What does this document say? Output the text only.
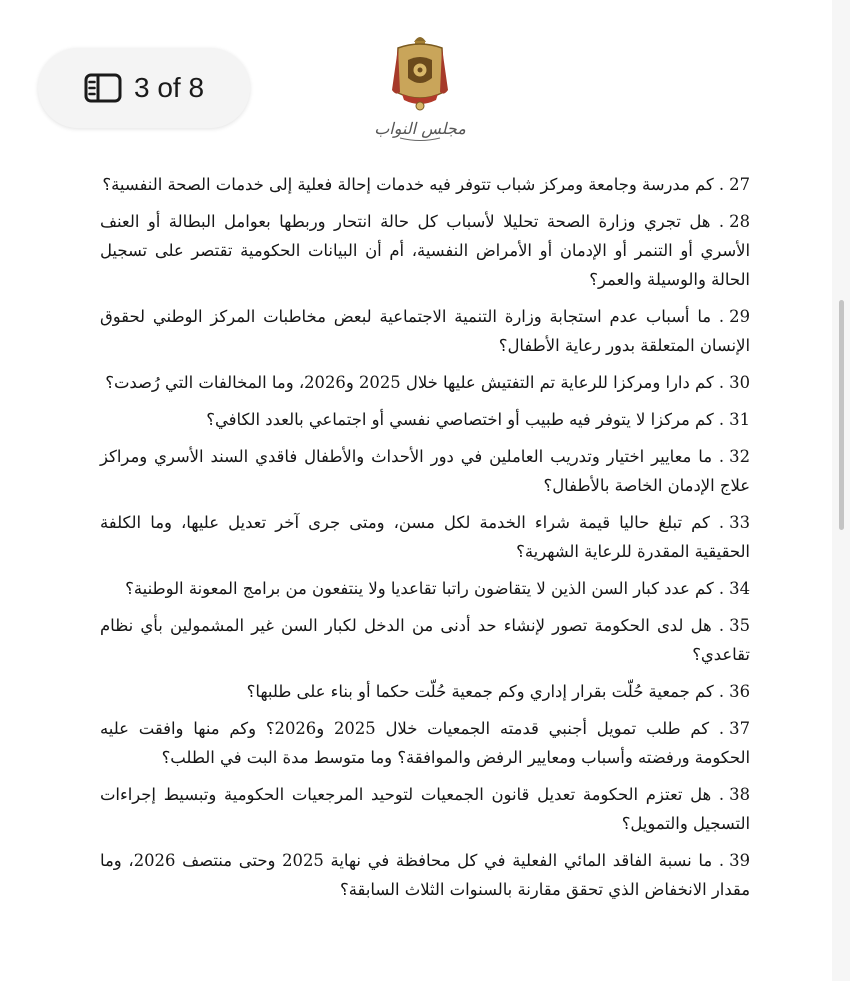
3 of 8
مجلس النواب

27. كم مدرسة وجامعة ومركز شباب تتوفر فيه خدمات إحالة فعلية إلى خدمات الصحة النفسية؟

28. هل تجري وزارة الصحة تحليلا لأسباب كل حالة انتحار وربطها بعوامل البطالة أو العنف الأسري أو التنمر أو الإدمان أو الأمراض النفسية، أم أن البيانات الحكومية تقتصر على تسجيل الحالة والوسيلة والعمر؟

29. ما أسباب عدم استجابة وزارة التنمية الاجتماعية لبعض مخاطبات المركز الوطني لحقوق الإنسان المتعلقة بدور رعاية الأطفال؟

30. كم دارا ومركزا للرعاية تم التفتيش عليها خلال 2025 و2026، وما المخالفات التي رُصدت؟

31. كم مركزا لا يتوفر فيه طبيب أو اختصاصي نفسي أو اجتماعي بالعدد الكافي؟

32. ما معايير اختيار وتدريب العاملين في دور الأحداث والأطفال فاقدي السند الأسري ومراكز علاج الإدمان الخاصة بالأطفال؟

33. كم تبلغ حاليا قيمة شراء الخدمة لكل مسن، ومتى جرى آخر تعديل عليها، وما الكلفة الحقيقية المقدرة للرعاية الشهرية؟

34. كم عدد كبار السن الذين لا يتقاضون راتبا تقاعديا ولا ينتفعون من برامج المعونة الوطنية؟

35. هل لدى الحكومة تصور لإنشاء حد أدنى من الدخل لكبار السن غير المشمولين بأي نظام تقاعدي؟

36. كم جمعية حُلّت بقرار إداري وكم جمعية حُلّت حكما أو بناء على طلبها؟

37. كم طلب تمويل أجنبي قدمته الجمعيات خلال 2025 و2026؟ وكم منها وافقت عليه الحكومة ورفضته وأسباب ومعايير الرفض والموافقة؟ وما متوسط مدة البت في الطلب؟

38. هل تعتزم الحكومة تعديل قانون الجمعيات لتوحيد المرجعيات الحكومية وتبسيط إجراءات التسجيل والتمويل؟

39. ما نسبة الفاقد المائي الفعلية في كل محافظة في نهاية 2025 وحتى منتصف 2026، وما مقدار الانخفاض الذي تحقق مقارنة بالسنوات الثلاث السابقة؟
